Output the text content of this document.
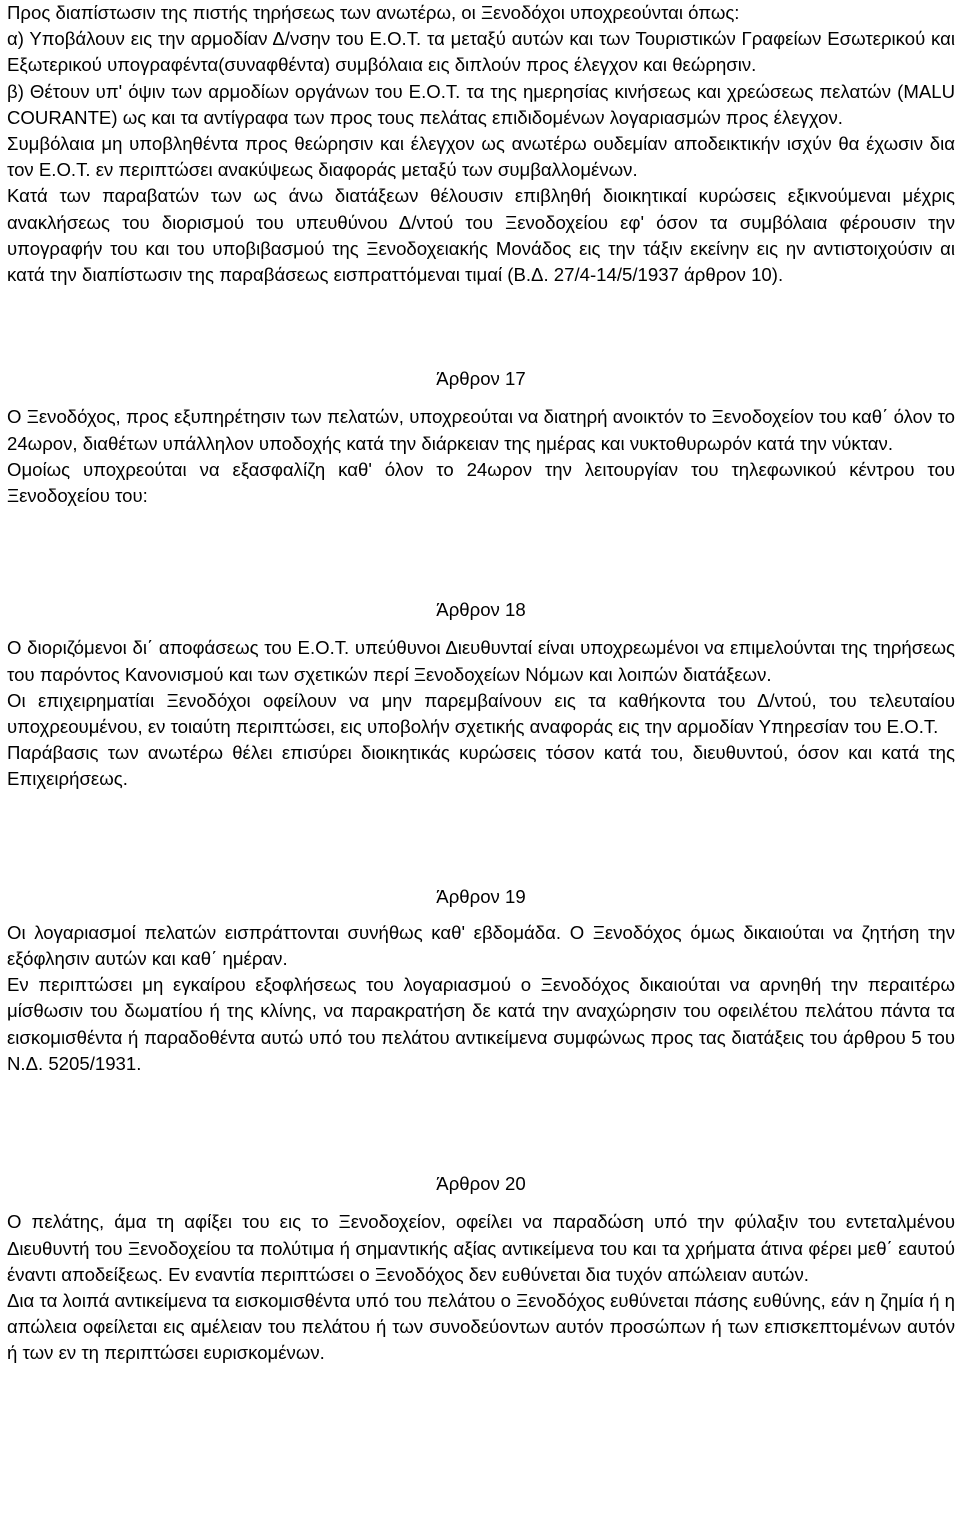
Προς διαπίστωσιν της πιστής τηρήσεως των ανωτέρω, οι Ξενοδόχοι υποχρεούνται όπως:

α) Υποβάλουν εις την αρμοδίαν Δ/νσην του Ε.Ο.Τ. τα μεταξύ αυτών και των Τουριστικών Γραφείων Εσωτερικού και Εξωτερικού υπογραφέντα(συναφθέντα) συμβόλαια εις διπλούν προς έλεγχον και θεώρησιν.

β) Θέτουν υπ' όψιν των αρμοδίων οργάνων του Ε.Ο.Τ. τα της ημερησίας κινήσεως και χρεώσεως πελατών (MALU COURANTE) ως και τα αντίγραφα των προς τους πελάτας επιδιδομένων λογαριασμών προς έλεγχον.

Συμβόλαια μη υποβληθέντα προς θεώρησιν και έλεγχον ως ανωτέρω ουδεμίαν αποδεικτικήν ισχύν θα έχωσιν δια τον Ε.Ο.Τ. εν περιπτώσει ανακύψεως διαφοράς μεταξύ των συμβαλλομένων.

Κατά των παραβατών των ως άνω διατάξεων θέλουσιν επιβληθή διοικητικαί κυρώσεις εξικνούμεναι μέχρις ανακλήσεως του διορισμού του υπευθύνου Δ/ντού του Ξενοδοχείου εφ' όσον τα συμβόλαια φέρουσιν την υπογραφήν του και του υποβιβασμού της Ξενοδοχειακής Μονάδος εις την τάξιν εκείνην εις ην αντιστοιχούσιν αι κατά την διαπίστωσιν της παραβάσεως εισπραττόμεναι τιμαί (Β.Δ. 27/4-14/5/1937 άρθρον 10).

Άρθρον 17

Ο Ξενοδόχος, προς εξυπηρέτησιν των πελατών, υποχρεούται να διατηρή ανοικτόν το Ξενοδοχείον του καθ΄ όλον το 24ωρον, διαθέτων υπάλληλον υποδοχής κατά την διάρκειαν της ημέρας και νυκτοθυρωρόν κατά την νύκταν.

Ομοίως υποχρεούται να εξασφαλίζη καθ' όλον το 24ωρον την λειτουργίαν του τηλεφωνικού κέντρου του Ξενοδοχείου του:

Άρθρον 18

Ο διοριζόμενοι δι΄ αποφάσεως του Ε.Ο.Τ. υπεύθυνοι Διευθυνταί είναι υποχρεωμένοι να επιμελούνται της τηρήσεως του παρόντος Κανονισμού και των σχετικών περί Ξενοδοχείων Νόμων και λοιπών διατάξεων.

Οι επιχειρηματίαι Ξενοδόχοι οφείλουν να μην παρεμβαίνουν εις τα καθήκοντα του Δ/ντού, του τελευταίου υποχρεουμένου, εν τοιαύτη περιπτώσει, εις υποβολήν σχετικής αναφοράς εις την αρμοδίαν Υπηρεσίαν του Ε.Ο.Τ.

Παράβασις των ανωτέρω θέλει επισύρει διοικητικάς κυρώσεις τόσον κατά του, διευθυντού, όσον και κατά της Επιχειρήσεως.

Άρθρον 19

Οι λογαριασμοί πελατών εισπράττονται συνήθως καθ' εβδομάδα. Ο Ξενοδόχος όμως δικαιούται να ζητήση την εξόφλησιν αυτών και καθ΄ ημέραν.

Εν περιπτώσει μη εγκαίρου εξοφλήσεως του λογαριασμού ο Ξενοδόχος δικαιούται να αρνηθή την περαιτέρω μίσθωσιν του δωματίου ή της κλίνης, να παρακρατήση δε κατά την αναχώρησιν του οφειλέτου πελάτου πάντα τα εισκομισθέντα ή παραδοθέντα αυτώ υπό του πελάτου αντικείμενα συμφώνως προς τας διατάξεις του άρθρου 5 του Ν.Δ. 5205/1931.

Άρθρον 20

Ο πελάτης, άμα τη αφίξει του εις το Ξενοδοχείον, οφείλει να παραδώση υπό την φύλαξιν του εντεταλμένου Διευθυντή του Ξενοδοχείου τα πολύτιμα ή σημαντικής αξίας αντικείμενα του και τα χρήματα άτινα φέρει μεθ΄ εαυτού έναντι αποδείξεως. Εν εναντία περιπτώσει ο Ξενοδόχος δεν ευθύνεται δια τυχόν απώλειαν αυτών.

Δια τα λοιπά αντικείμενα τα εισκομισθέντα υπό του πελάτου ο Ξενοδόχος ευθύνεται πάσης ευθύνης, εάν η ζημία ή η απώλεια οφείλεται εις αμέλειαν του πελάτου ή των συνοδεύοντων αυτόν προσώπων ή των επισκεπτομένων αυτόν ή των εν τη περιπτώσει ευρισκομένων.
